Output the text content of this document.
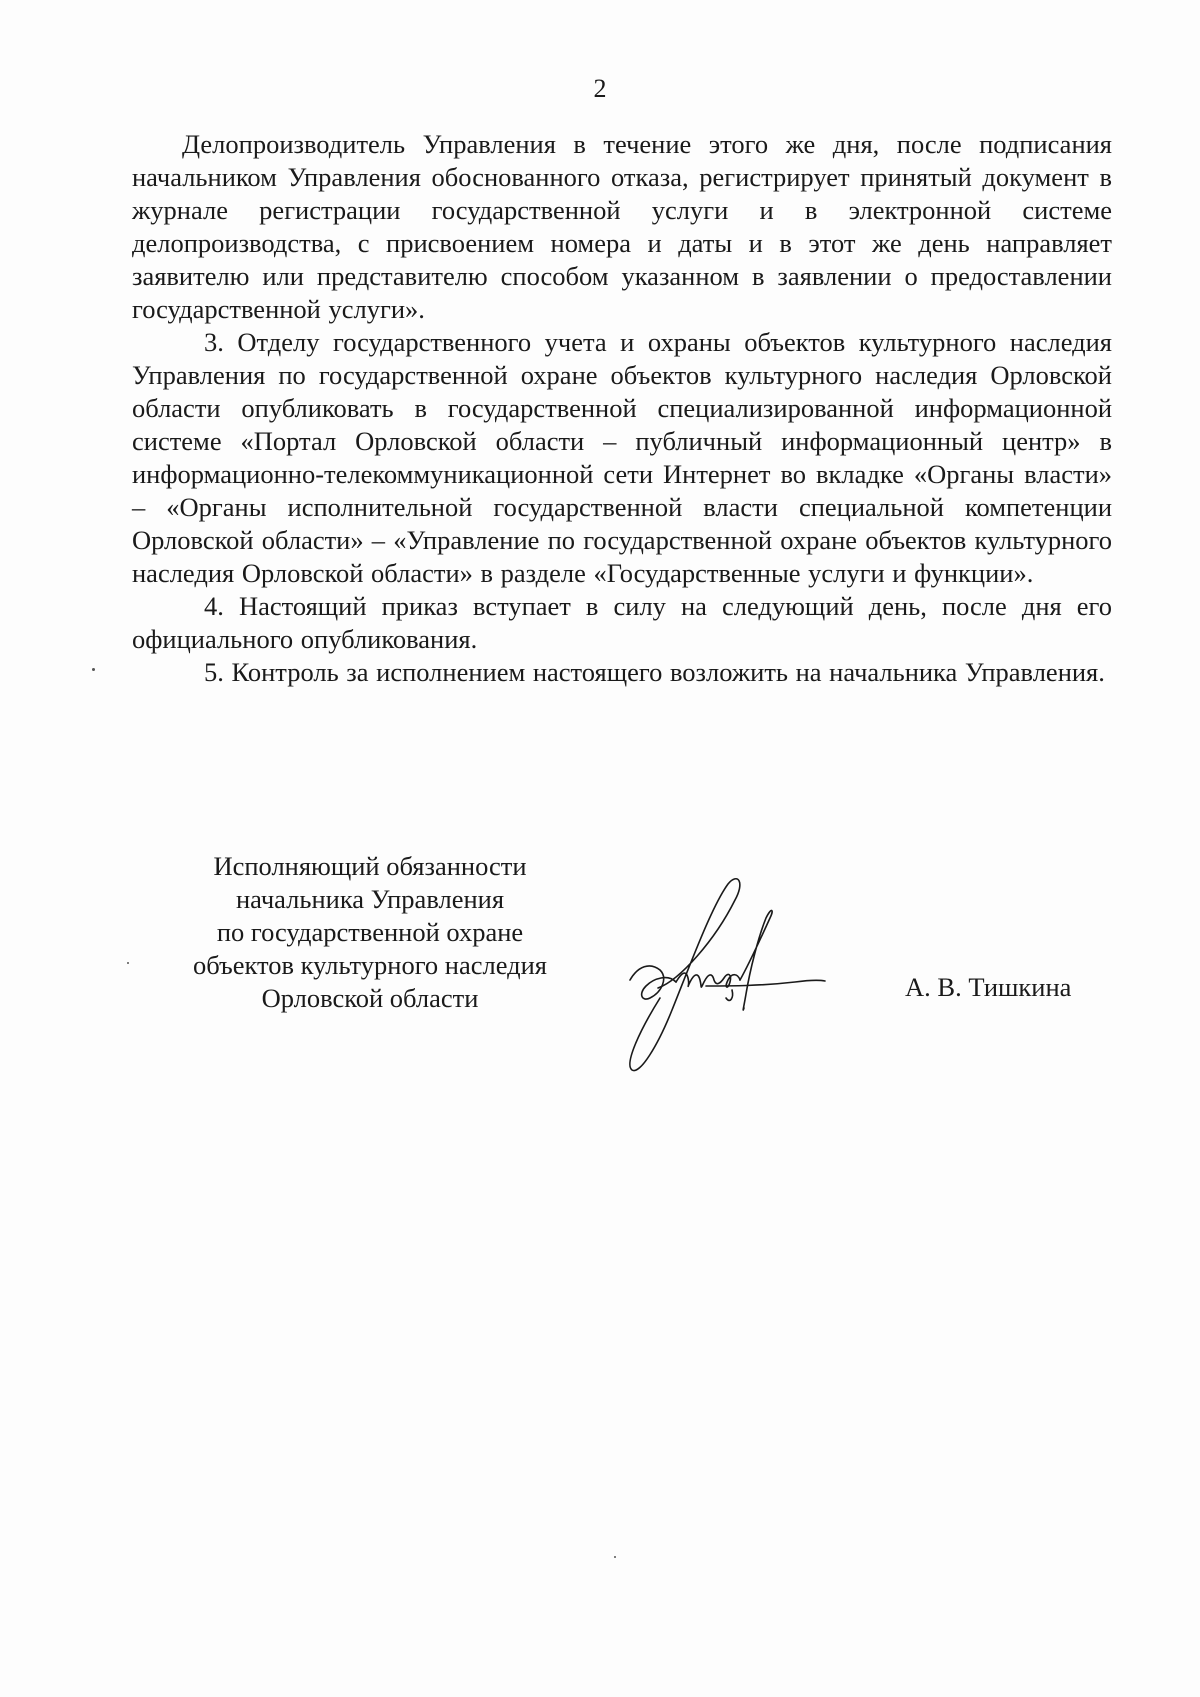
2

Делопроизводитель Управления в течение этого же дня, после подписания начальником Управления обоснованного отказа, регистрирует принятый документ в журнале регистрации государственной услуги и в электронной системе делопроизводства, с присвоением номера и даты и в этот же день направляет заявителю или представителю способом указанном в заявлении о предоставлении государственной услуги».

3. Отделу государственного учета и охраны объектов культурного наследия Управления по государственной охране объектов культурного наследия Орловской области опубликовать в государственной специализированной информационной системе «Портал Орловской области – публичный информационный центр» в информационно-телекоммуникационной сети Интернет во вкладке «Органы власти» – «Органы исполнительной государственной власти специальной компетенции Орловской области» – «Управление по государственной охране объектов культурного наследия Орловской области» в разделе «Государственные услуги и функции».

4. Настоящий приказ вступает в силу на следующий день, после дня его официального опубликования.

5. Контроль за исполнением настоящего возложить на начальника Управления.

Исполняющий обязанности
начальника Управления
по государственной охране
объектов культурного наследия
Орловской области	А. В. Тишкина
